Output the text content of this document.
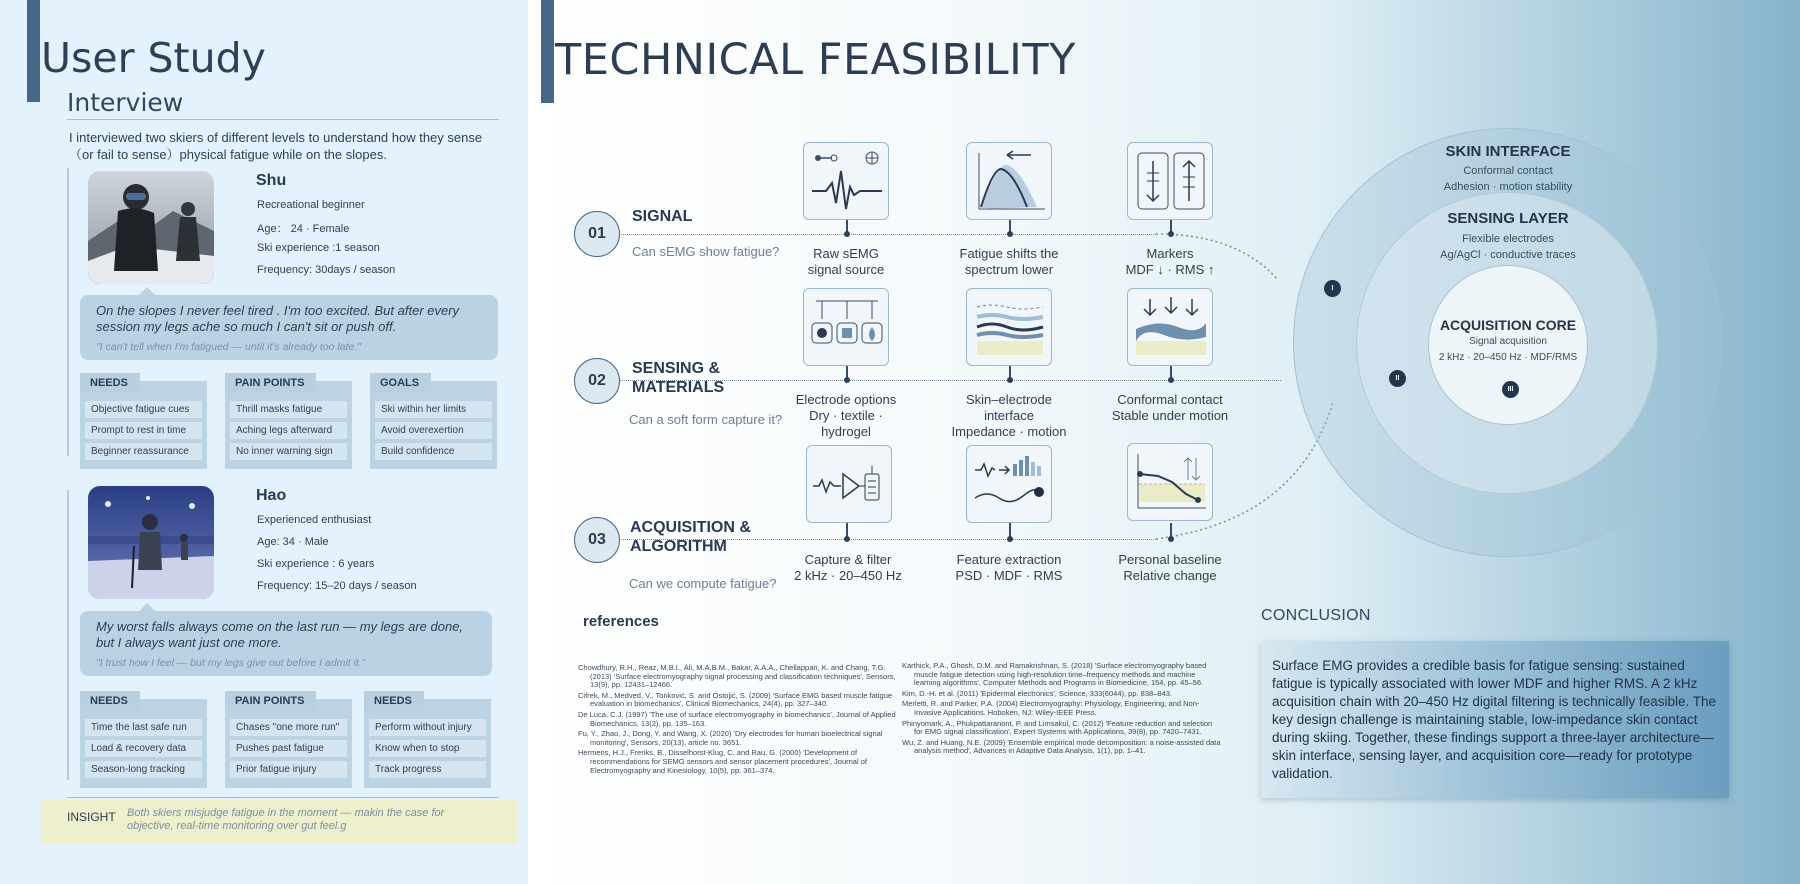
User Study
Interview
I interviewed two skiers of different levels to understand how they sense （or fail to sense）physical fatigue while on the slopes.
Shu
Recreational beginner
Age： 24 · Female
Ski experience :1 season
Frequency: 30days / season
On the slopes I never feel tired . I'm too excited. But after every session my legs ache so much I can't sit or push off.
"I can't tell when I'm fatigued — until it's already too late."
NEEDS
Objective fatigue cues
Prompt to rest in time
Beginner reassurance
PAIN POINTS
Thrill masks fatigue
Aching legs afterward
No inner warning sign
GOALS
Ski within her limits
Avoid overexertion
Build confidence
Hao
Experienced enthusiast
Age: 34 · Male
Ski experience : 6 years
Frequency: 15–20 days / season
My worst falls always come on the last run — my legs are done, but I always want just one more.
"I trust how I feel — but my legs give out before I admit it."
NEEDS
Time the last safe run
Load & recovery data
Season-long tracking
PAIN POINTS
Chases "one more run"
Pushes past fatigue
Prior fatigue injury
NEEDS
Perform without injury
Know when to stop
Track progress
INSIGHT Both skiers misjudge fatigue in the moment — makin the case for objective, real-time monitoring over gut feel.g
TECHNICAL FEASIBILITY
01
SIGNAL
Can sEMG show fatigue?
02
SENSING &
MATERIALS
Can a soft form capture it?
03
ACQUISITION &
ALGORITHM
Can we compute fatigue?
Raw sEMG
signal source
Fatigue shifts the
spectrum lower
Markers
MDF ↓ · RMS ↑
Electrode options
Dry · textile ·
hydrogel
Skin–electrode
interface
Impedance · motion
Conformal contact
Stable under motion
Capture & filter
2 kHz · 20–450 Hz
Feature extraction
PSD · MDF · RMS
Personal baseline
Relative change
SKIN INTERFACE
Conformal contact
Adhesion · motion stability
SENSING LAYER
Flexible electrodes
Ag/AgCl · conductive traces
ACQUISITION CORE
Signal acquisition
2 kHz · 20–450 Hz · MDF/RMS
I
II
III
references
Chowdhury, R.H., Reaz, M.B.I., Ali, M.A.B.M., Bakar, A.A.A., Chellappan, K. and Chang, T.G. (2013) 'Surface electromyography signal processing and classification techniques', Sensors, 13(9), pp. 12431–12466.
Cifrek, M., Medved, V., Tonković, S. and Ostojić, S. (2009) 'Surface EMG based muscle fatigue evaluation in biomechanics', Clinical Biomechanics, 24(4), pp. 327–340.
De Luca, C.J. (1997) 'The use of surface electromyography in biomechanics', Journal of Applied Biomechanics, 13(2), pp. 135–163.
Fu, Y., Zhao, J., Dong, Y. and Wang, X. (2020) 'Dry electrodes for human bioelectrical signal monitoring', Sensors, 20(13), article no. 3651.
Hermens, H.J., Freriks, B., Disselhorst-Klug, C. and Rau, G. (2000) 'Development of recommendations for SEMG sensors and sensor placement procedures', Journal of Electromyography and Kinesiology, 10(5), pp. 361–374.
Karthick, P.A., Ghosh, D.M. and Ramakrishnan, S. (2018) 'Surface electromyography based muscle fatigue detection using high-resolution time–frequency methods and machine learning algorithms', Computer Methods and Programs in Biomedicine, 154, pp. 45–56.
Kim, D.-H. et al. (2011) 'Epidermal electronics', Science, 333(6044), pp. 838–843.
Merletti, R. and Parker, P.A. (2004) Electromyography: Physiology, Engineering, and Non-Invasive Applications. Hoboken, NJ: Wiley-IEEE Press.
Phinyomark, A., Phukpattaranont, P. and Limsakul, C. (2012) 'Feature reduction and selection for EMG signal classification', Expert Systems with Applications, 39(8), pp. 7420–7431.
Wu, Z. and Huang, N.E. (2009) 'Ensemble empirical mode decomposition: a noise-assisted data analysis method', Advances in Adaptive Data Analysis, 1(1), pp. 1–41.
CONCLUSION
Surface EMG provides a credible basis for fatigue sensing: sustained fatigue is typically associated with lower MDF and higher RMS. A 2 kHz acquisition chain with 20–450 Hz digital filtering is technically feasible. The key design challenge is maintaining stable, low-impedance skin contact during skiing. Together, these findings support a three-layer architecture—skin interface, sensing layer, and acquisition core—ready for prototype validation.
